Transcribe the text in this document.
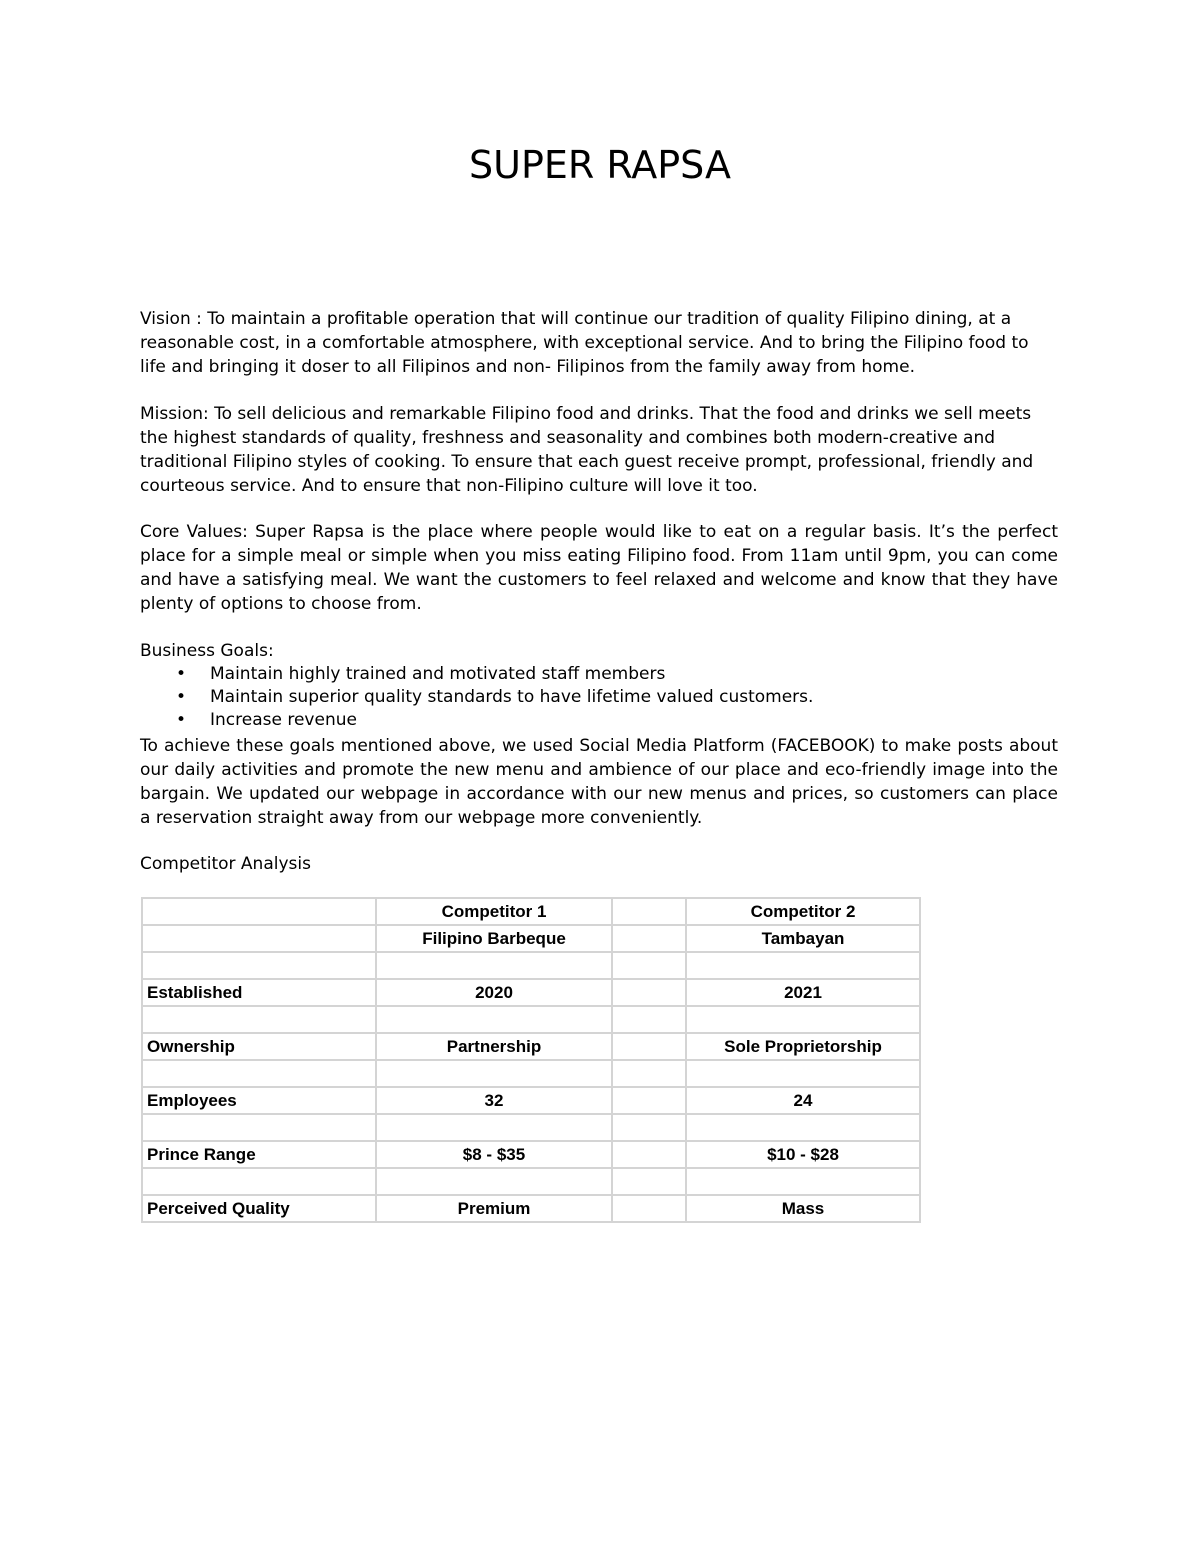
SUPER RAPSA

Vision : To maintain a profitable operation that will continue our tradition of quality Filipino dining, at a reasonable cost, in a comfortable atmosphere, with exceptional service. And to bring the Filipino food to life and bringing it doser to all Filipinos and non- Filipinos from the family away from home.

Mission: To sell delicious and remarkable Filipino food and drinks. That the food and drinks we sell meets the highest standards of quality, freshness and seasonality and combines both modern-creative and traditional Filipino styles of cooking. To ensure that each guest receive prompt, professional, friendly and courteous service. And to ensure that non-Filipino culture will love it too.

Core Values: Super Rapsa is the place where people would like to eat on a regular basis. It’s the perfect place for a simple meal or simple when you miss eating Filipino food. From 11am until 9pm, you can come and have a satisfying meal. We want the customers to feel relaxed and welcome and know that they have plenty of options to choose from.

Business Goals:

• Maintain highly trained and motivated staff members
• Maintain superior quality standards to have lifetime valued customers.
• Increase revenue

To achieve these goals mentioned above, we used Social Media Platform (FACEBOOK) to make posts about our daily activities and promote the new menu and ambience of our place and eco-friendly image into the bargain. We updated our webpage in accordance with our new menus and prices, so customers can place a reservation straight away from our webpage more conveniently.

Competitor Analysis

	Competitor 1		Competitor 2
	Filipino Barbeque		Tambayan

Established	2020		2021

Ownership	Partnership		Sole Proprietorship

Employees	32		24

Prince Range	$8 - $35		$10 - $28

Perceived Quality	Premium		Mass
